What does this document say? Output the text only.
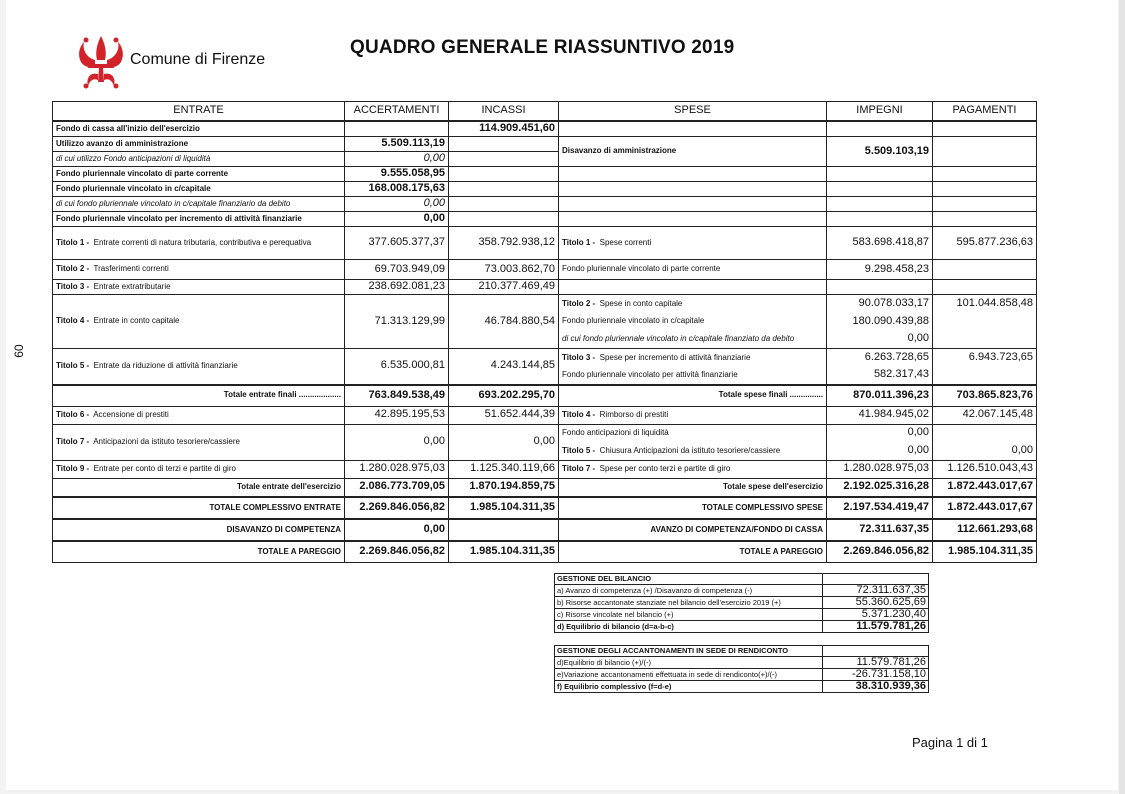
Comune di Firenze
QUADRO GENERALE RIASSUNTIVO 2019
09
ENTRATE	ACCERTAMENTI	INCASSI	SPESE	IMPEGNI	PAGAMENTI
Fondo di cassa all'inizio dell'esercizio		114.909.451,60			
Utilizzo avanzo di amministrazione	5.509.113,19		Disavanzo di amministrazione	5.509.103,19	
di cui utilizzo Fondo anticipazioni di liquidità	0,00				
Fondo pluriennale vincolato di parte corrente	9.555.058,95				
Fondo pluriennale vincolato in c/capitale	168.008.175,63				
di cui fondo pluriennale vincolato in c/capitale finanziario da debito	0,00				
Fondo pluriennale vincolato per incremento di attività finanziarie	0,00				
Titolo 1 - Entrate correnti di natura tributaria, contributiva e perequativa	377.605.377,37	358.792.938,12	Titolo 1 - Spese correnti	583.698.418,87	595.877.236,63
Titolo 2 - Trasferimenti correnti	69.703.949,09	73.003.862,70	Fondo pluriennale vincolato di parte corrente	9.298.458,23	
Titolo 3 - Entrate extratributarie	238.692.081,23	210.377.469,49			
Titolo 4 - Entrate in conto capitale	71.313.129,99	46.784.880,54	Titolo 2 - Spese in conto capitale	90.078.033,17	101.044.858,48
			Fondo pluriennale vincolato in c/capitale	180.090.439,88	
			di cui fondo pluriennale vincolato in c/capitale finanziato da debito	0,00	
Titolo 5 - Entrate da riduzione di attività finanziarie	6.535.000,81	4.243.144,85	Titolo 3 - Spese per incremento di attività finanziarie	6.263.728,65	6.943.723,65
			Fondo pluriennale vincolato per attività finanziarie	582.317,43	
Totale entrate finali ...................	763.849.538,49	693.202.295,70	Totale spese finali ...............	870.011.396,23	703.865.823,76
Titolo 6 - Accensione di prestiti	42.895.195,53	51.652.444,39	Titolo 4 - Rimborso di prestiti	41.984.945,02	42.067.145,48
Titolo 7 - Anticipazioni da istituto tesoriere/cassiere	0,00	0,00	Fondo anticipazioni di liquidità	0,00	
			Titolo 5 - Chiusura Anticipazioni da istituto tesoriere/cassiere	0,00	0,00
Titolo 9 - Entrate per conto di terzi e partite di giro	1.280.028.975,03	1.125.340.119,66	Titolo 7 - Spese per conto terzi e partite di giro	1.280.028.975,03	1.126.510.043,43
Totale entrate dell'esercizio	2.086.773.709,05	1.870.194.859,75	Totale spese dell'esercizio	2.192.025.316,28	1.872.443.017,67
TOTALE COMPLESSIVO ENTRATE	2.269.846.056,82	1.985.104.311,35	TOTALE COMPLESSIVO SPESE	2.197.534.419,47	1.872.443.017,67
DISAVANZO DI COMPETENZA	0,00		AVANZO DI COMPETENZA/FONDO DI CASSA	72.311.637,35	112.661.293,68
TOTALE A PAREGGIO	2.269.846.056,82	1.985.104.311,35	TOTALE A PAREGGIO	2.269.846.056,82	1.985.104.311,35
GESTIONE DEL BILANCIO	
a) Avanzo di competenza (+) /Disavanzo di competenza (-)	72.311.637,35
b) Risorse accantonate stanziate nel bilancio dell'esercizio 2019 (+)	55.360.625,69
c) Risorse vincolate nel bilancio (+)	5.371.230,40
d) Equilibrio di bilancio (d=a-b-c)	11.579.781,26
GESTIONE DEGLI ACCANTONAMENTI IN SEDE DI RENDICONTO	
d)Equilibrio di bilancio (+)/(-)	11.579.781,26
e)Variazione accantonamenti effettuata in sede di rendiconto(+)/(-)	-26.731.158,10
f) Equilibrio complessivo (f=d-e)	38.310.939,36
Pagina 1 di 1
